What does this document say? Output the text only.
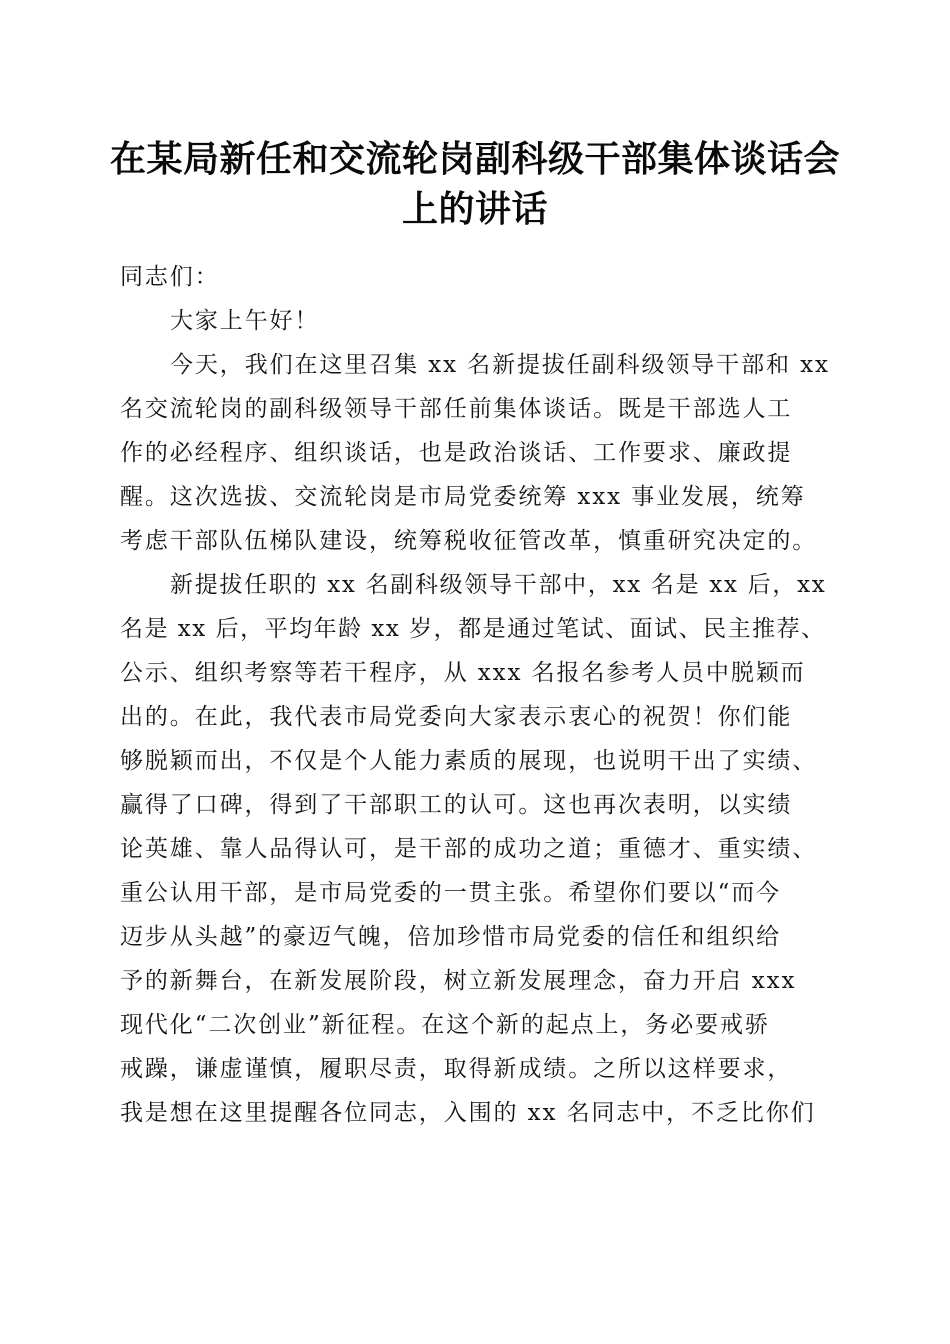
在某局新任和交流轮岗副科级干部集体谈话会
上的讲话
同志们：
大家上午好！
今天，我们在这里召集 xx 名新提拔任副科级领导干部和 xx
名交流轮岗的副科级领导干部任前集体谈话。既是干部选人工
作的必经程序、组织谈话，也是政治谈话、工作要求、廉政提
醒。这次选拔、交流轮岗是市局党委统筹 xxx 事业发展，统筹
考虑干部队伍梯队建设，统筹税收征管改革，慎重研究决定的。
新提拔任职的 xx 名副科级领导干部中，xx 名是 xx 后，xx
名是 xx 后，平均年龄 xx 岁，都是通过笔试、面试、民主推荐、
公示、组织考察等若干程序，从 xxx 名报名参考人员中脱颖而
出的。在此，我代表市局党委向大家表示衷心的祝贺！你们能
够脱颖而出，不仅是个人能力素质的展现，也说明干出了实绩、
赢得了口碑，得到了干部职工的认可。这也再次表明，以实绩
论英雄、靠人品得认可，是干部的成功之道；重德才、重实绩、
重公认用干部，是市局党委的一贯主张。希望你们要以“而今
迈步从头越”的豪迈气魄，倍加珍惜市局党委的信任和组织给
予的新舞台，在新发展阶段，树立新发展理念，奋力开启 xxx
现代化“二次创业”新征程。在这个新的起点上，务必要戒骄
戒躁，谦虚谨慎，履职尽责，取得新成绩。之所以这样要求，
我是想在这里提醒各位同志，入围的 xx 名同志中，不乏比你们
